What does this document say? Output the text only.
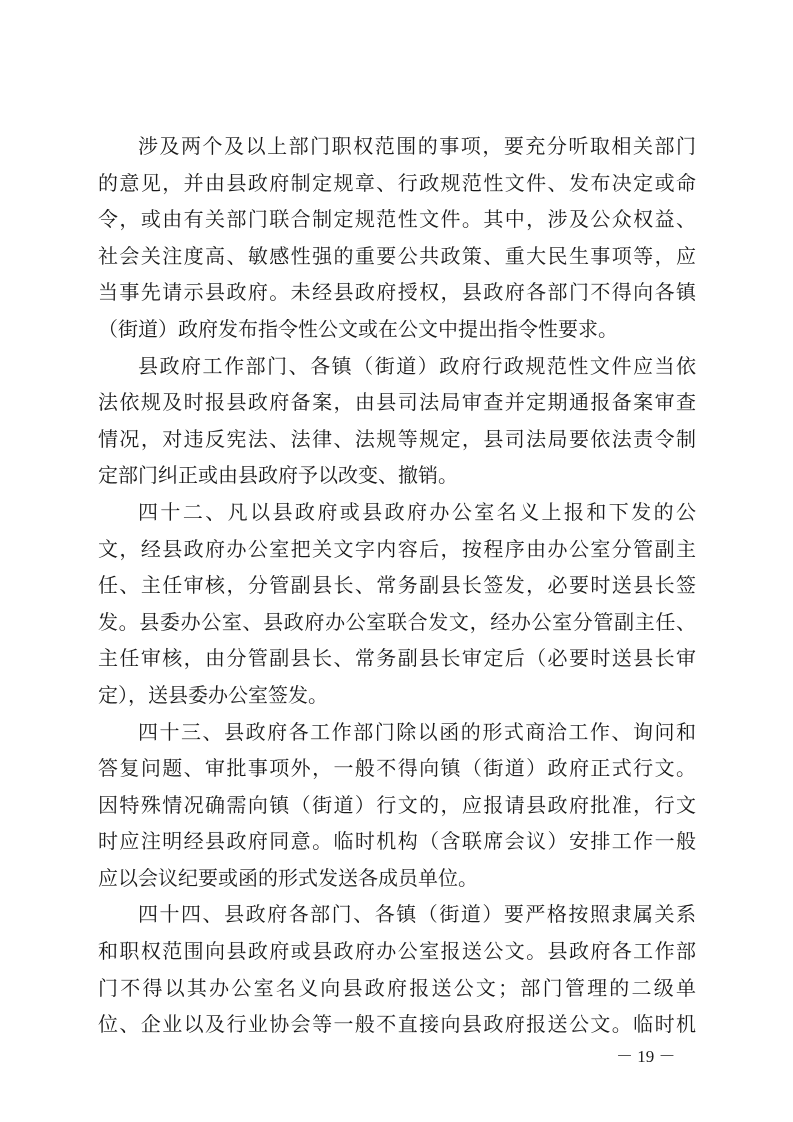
涉及两个及以上部门职权范围的事项，要充分听取相关部门
的意见，并由县政府制定规章、行政规范性文件、发布决定或命
令，或由有关部门联合制定规范性文件。其中，涉及公众权益、
社会关注度高、敏感性强的重要公共政策、重大民生事项等，应
当事先请示县政府。未经县政府授权，县政府各部门不得向各镇
（街道）政府发布指令性公文或在公文中提出指令性要求。
县政府工作部门、各镇（街道）政府行政规范性文件应当依
法依规及时报县政府备案，由县司法局审查并定期通报备案审查
情况，对违反宪法、法律、法规等规定，县司法局要依法责令制
定部门纠正或由县政府予以改变、撤销。
四十二、凡以县政府或县政府办公室名义上报和下发的公
文，经县政府办公室把关文字内容后，按程序由办公室分管副主
任、主任审核，分管副县长、常务副县长签发，必要时送县长签
发。县委办公室、县政府办公室联合发文，经办公室分管副主任、
主任审核，由分管副县长、常务副县长审定后（必要时送县长审
定），送县委办公室签发。
四十三、县政府各工作部门除以函的形式商洽工作、询问和
答复问题、审批事项外，一般不得向镇（街道）政府正式行文。
因特殊情况确需向镇（街道）行文的，应报请县政府批准，行文
时应注明经县政府同意。临时机构（含联席会议）安排工作一般
应以会议纪要或函的形式发送各成员单位。
四十四、县政府各部门、各镇（街道）要严格按照隶属关系
和职权范围向县政府或县政府办公室报送公文。县政府各工作部
门不得以其办公室名义向县政府报送公文；部门管理的二级单
位、企业以及行业协会等一般不直接向县政府报送公文。临时机
－ 19 －
